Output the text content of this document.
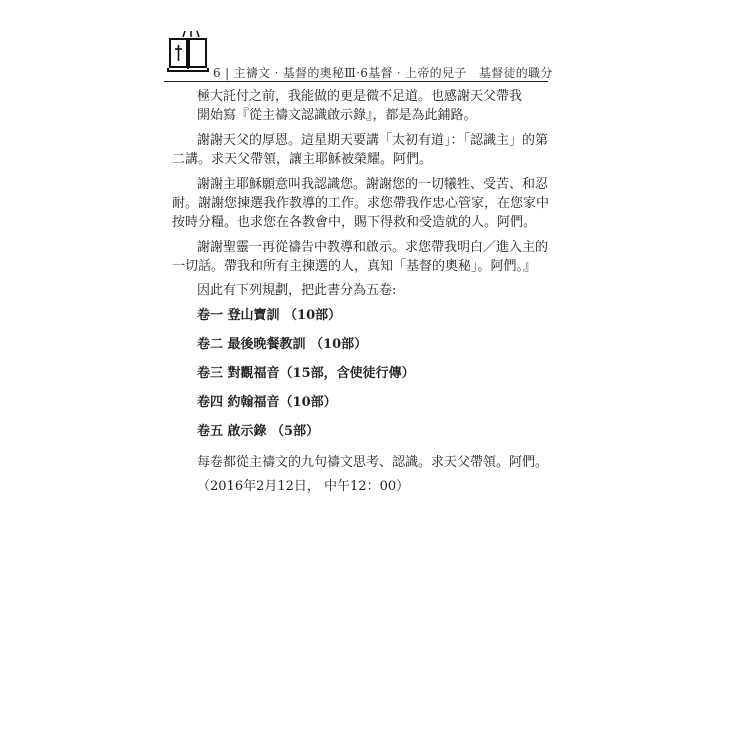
6 | 主禱文‧基督的奧秘Ⅲ‧6基督‧上帝的兒子　基督徒的職分

極大託付之前，我能做的更是微不足道。也感謝天父帶我

開始寫『從主禱文認識啟示錄』，都是為此鋪路。

謝謝天父的厚恩。這星期天要講「太初有道」：「認識主」的第二講。求天父帶領，讓主耶穌被榮耀。阿們。

謝謝主耶穌願意叫我認識您。謝謝您的一切犧牲、受苦、和忍耐。謝謝您揀選我作教導的工作。求您帶我作忠心管家，在您家中按時分糧。也求您在各教會中，賜下得救和受造就的人。阿們。

謝謝聖靈一再從禱告中教導和啟示。求您帶我明白／進入主的一切話。帶我和所有主揀選的人，真知「基督的奧秘」。阿們。』

因此有下列規劃，把此書分為五卷:

卷一 登山寶訓 （10部）

卷二 最後晚餐教訓 （10部）

卷三 對觀福音（15部，含使徒行傳）

卷四 約翰福音（10部）

卷五 啟示錄 （5部）

每卷都從主禱文的九句禱文思考、認識。求天父帶領。阿們。

（2016年2月12日， 中午12：00）
